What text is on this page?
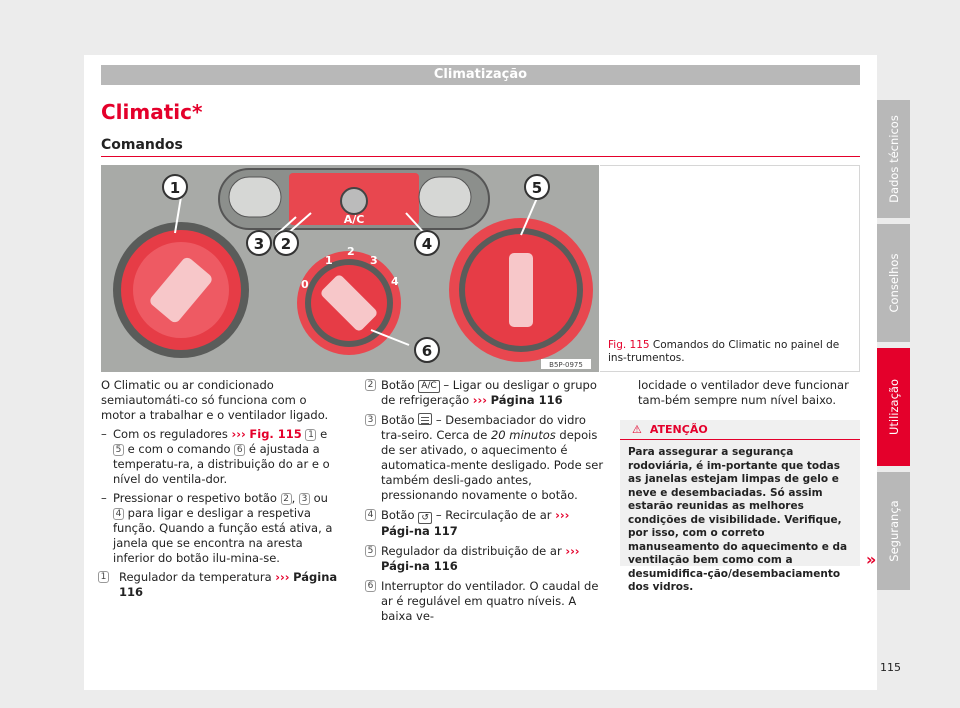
Climatização
Climatic*
Comandos
A/C
0
1
2
3
4
1
2
3	4
5
6
B5P-0975
Fig. 115 Comandos do Climatic no painel de ins-trumentos.

O Climatic ou ar condicionado semiautomáti-co só funciona com o motor a trabalhar e o ventilador ligado.

– Com os reguladores ››› Fig. 115 1 e 5 e com o comando 6 é ajustada a temperatu-ra, a distribuição do ar e o nível do ventila-dor.
– Pressionar o respetivo botão 2 , 3 ou 4 para ligar e desligar a respetiva função. Quando a função está ativa, a janela que se encontra na aresta inferior do botão ilu-mina-se.
1 Regulador da temperatura ››› Página 116
2 Botão A/C – Ligar ou desligar o grupo de refrigeração ››› Página 116
3 Botão – Desembaciador do vidro tra-seiro. Cerca de 20 minutos depois de ser ativado, o aquecimento é automatica-mente desligado. Pode ser também desli-gado antes, pressionando novamente o botão.
4 Botão ↺ – Recirculação de ar ››› Pági-na 117
5 Regulador da distribuição de ar ››› Pági-na 116
6 Interruptor do ventilador. O caudal de ar é regulável em quatro níveis. A baixa ve-

locidade o ventilador deve funcionar tam-bém sempre num nível baixo.

⚠ ATENÇÃO
Para assegurar a segurança rodoviária, é im-portante que todas as janelas estejam limpas de gelo e neve e desembaciadas. Só assim estarão reunidas as melhores condições de visibilidade. Verifique, por isso, com o correto manuseamento do aquecimento e da ventilação bem como com a desumidifica-ção/desembaciamento dos vidros.
»
Dados técnicos
Conselhos
Utilização
Segurança
115
